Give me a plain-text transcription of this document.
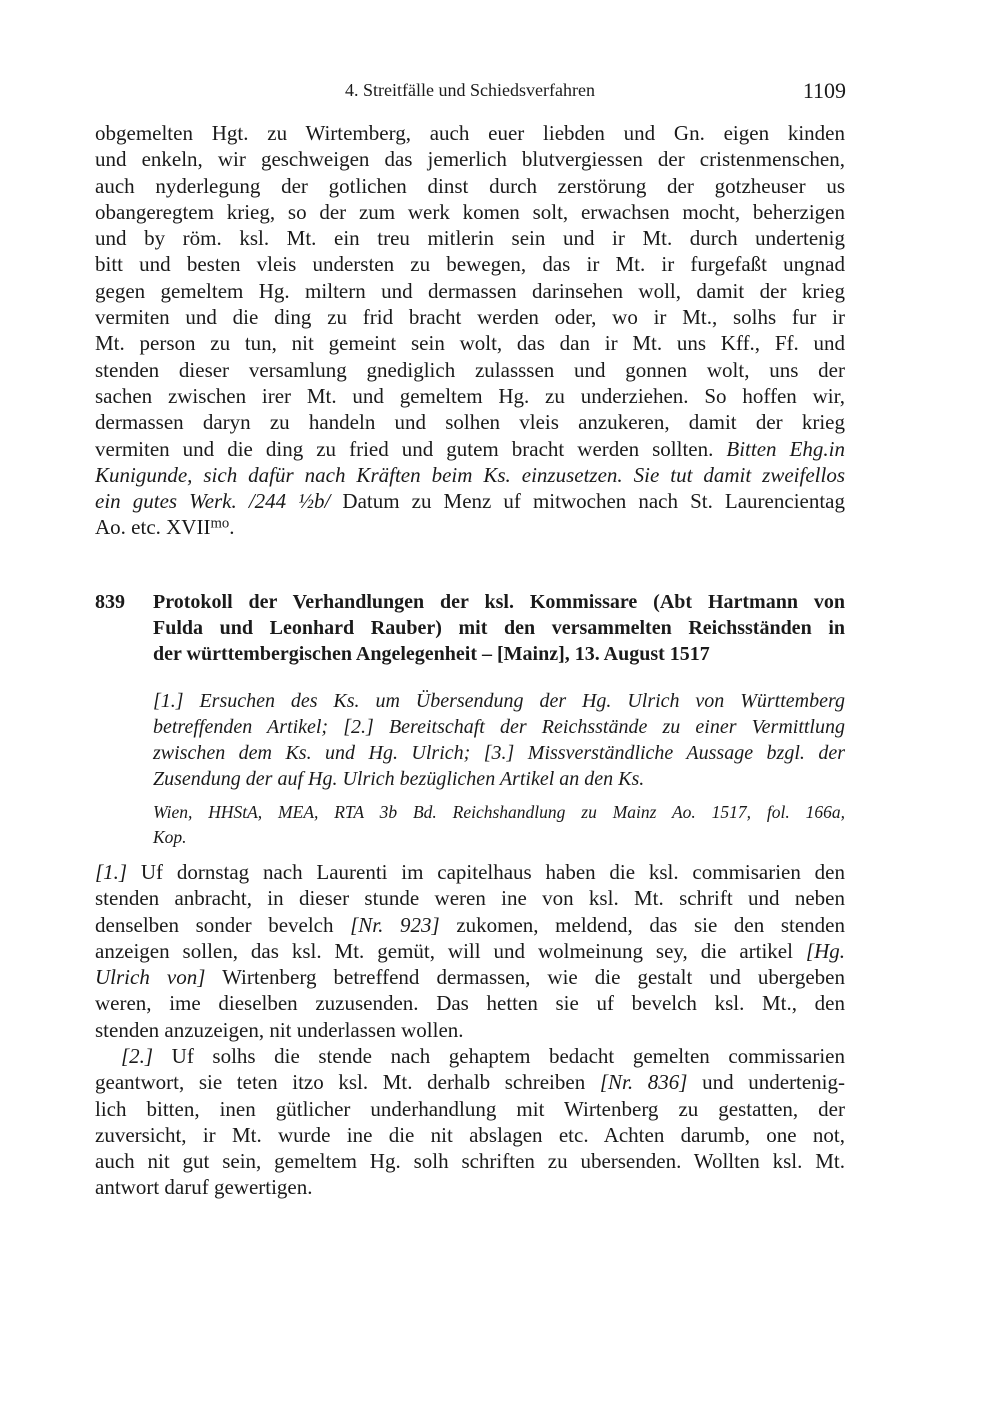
4. Streitfälle und Schiedsverfahren	1109
obgemelten Hgt. zu Wirtemberg, auch euer liebden und Gn. eigen kinden
und enkeln, wir geschweigen das jemerlich blutvergiessen der cristenmenschen,
auch nyderlegung der gotlichen dinst durch zerstörung der gotzheuser us
obangeregtem krieg, so der zum werk komen solt, erwachsen mocht, beherzigen
und by röm. ksl. Mt. ein treu mitlerin sein und ir Mt. durch undertenig
bitt und besten vleis understen zu bewegen, das ir Mt. ir furgefaßt ungnad
gegen gemeltem Hg. miltern und dermassen darinsehen woll, damit der krieg
vermiten und die ding zu frid bracht werden oder, wo ir Mt., solhs fur ir
Mt. person zu tun, nit gemeint sein wolt, das dan ir Mt. uns Kff., Ff. und
stenden dieser versamlung gnediglich zulasssen und gonnen wolt, uns der
sachen zwischen irer Mt. und gemeltem Hg. zu underziehen. So hoffen wir,
dermassen daryn zu handeln und solhen vleis anzukeren, damit der krieg
vermiten und die ding zu fried und gutem bracht werden sollten. Bitten Ehg.in
Kunigunde, sich dafür nach Kräften beim Ks. einzusetzen. Sie tut damit zweifellos
ein gutes Werk. /244 ½b/ Datum zu Menz uf mitwochen nach St. Laurencientag
Ao. etc. $XVII^{mo}$.
839 Protokoll der Verhandlungen der ksl. Kommissare (Abt Hartmann von
Fulda und Leonhard Rauber) mit den versammelten Reichsständen in
der württembergischen Angelegenheit – [Mainz], 13. August 1517
[1.] Ersuchen des Ks. um Übersendung der Hg. Ulrich von Württemberg
betreffenden Artikel; [2.] Bereitschaft der Reichsstände zu einer Vermittlung
zwischen dem Ks. und Hg. Ulrich; [3.] Missverständliche Aussage bzgl. der
Zusendung der auf Hg. Ulrich bezüglichen Artikel an den Ks.
Wien, HHStA, MEA, RTA 3b Bd. Reichshandlung zu Mainz Ao. 1517, fol. 166a,
Kop.
[1.] Uf dornstag nach Laurenti im capitelhaus haben die ksl. commisarien den
stenden anbracht, in dieser stunde weren ine von ksl. Mt. schrift und neben
denselben sonder bevelch [Nr. 923] zukomen, meldend, das sie den stenden
anzeigen sollen, das ksl. Mt. gemüt, will und wolmeinung sey, die artikel [Hg.
Ulrich von] Wirtenberg betreffend dermassen, wie die gestalt und ubergeben
weren, ime dieselben zuzusenden. Das hetten sie uf bevelch ksl. Mt., den
stenden anzuzeigen, nit underlassen wollen.
[2.] Uf solhs die stende nach gehaptem bedacht gemelten commissarien
geantwort, sie teten itzo ksl. Mt. derhalb schreiben [Nr. 836] und undertenig-
lich bitten, inen gütlicher underhandlung mit Wirtenberg zu gestatten, der
zuversicht, ir Mt. wurde ine die nit abslagen etc. Achten darumb, one not,
auch nit gut sein, gemeltem Hg. solh schriften zu ubersenden. Wollten ksl. Mt.
antwort daruf gewertigen.
